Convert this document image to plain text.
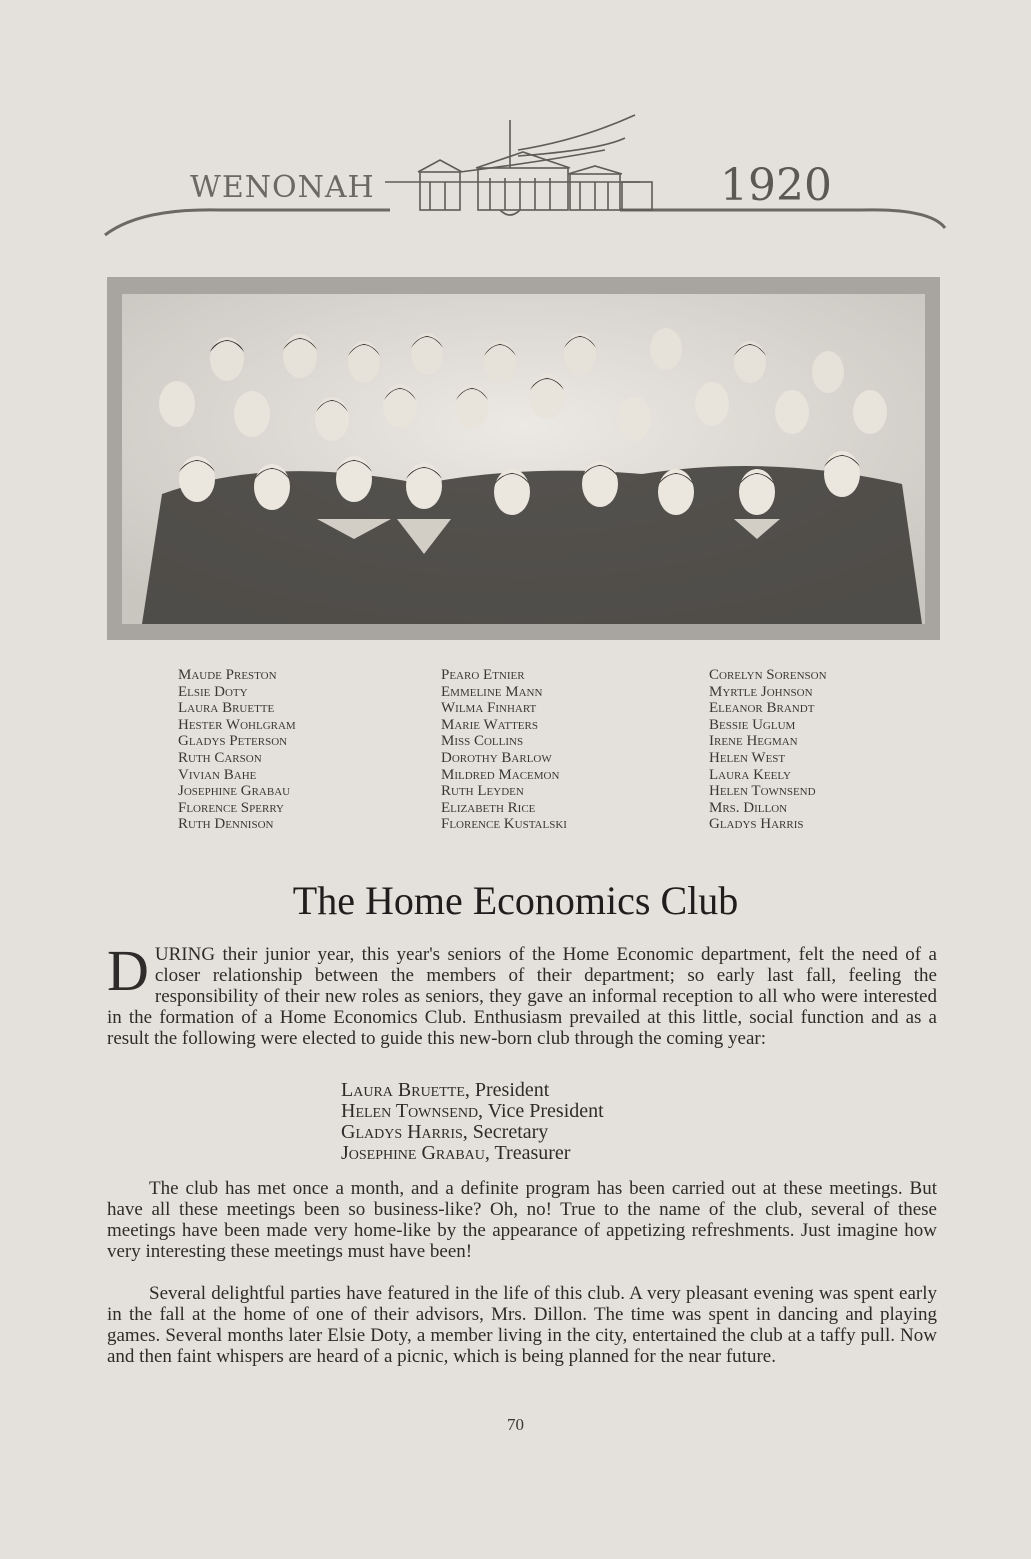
WENONAH	1920
Maude Preston
Elsie Doty
Laura Bruette
Hester Wohlgram
Gladys Peterson
Ruth Carson
Vivian Bahe
Josephine Grabau
Florence Sperry
Ruth Dennison
Pearo Etnier
Emmeline Mann
Wilma Finhart
Marie Watters
Miss Collins
Dorothy Barlow
Mildred Macemon
Ruth Leyden
Elizabeth Rice
Florence Kustalski
Corelyn Sorenson
Myrtle Johnson
Eleanor Brandt
Bessie Uglum
Irene Hegman
Helen West
Laura Keely
Helen Townsend
Mrs. Dillon
Gladys Harris
The Home Economics Club
D URING their junior year, this year's seniors of the Home Economic department, felt the need of a closer relationship between the members of their department; so early last fall, feeling the responsibility of their new roles as seniors, they gave an informal reception to all who were interested in the formation of a Home Economics Club. Enthusiasm prevailed at this little, social function and as a result the following were elected to guide this new-born club through the coming year:
Laura Bruette, President
Helen Townsend, Vice President
Gladys Harris, Secretary
Josephine Grabau, Treasurer
The club has met once a month, and a definite program has been carried out at these meetings. But have all these meetings been so business-like? Oh, no! True to the name of the club, several of these meetings have been made very home-like by the appearance of appetizing refreshments. Just imagine how very interesting these meetings must have been!
Several delightful parties have featured in the life of this club. A very pleasant evening was spent early in the fall at the home of one of their advisors, Mrs. Dillon. The time was spent in dancing and playing games. Several months later Elsie Doty, a member living in the city, entertained the club at a taffy pull. Now and then faint whispers are heard of a picnic, which is being planned for the near future.
70
